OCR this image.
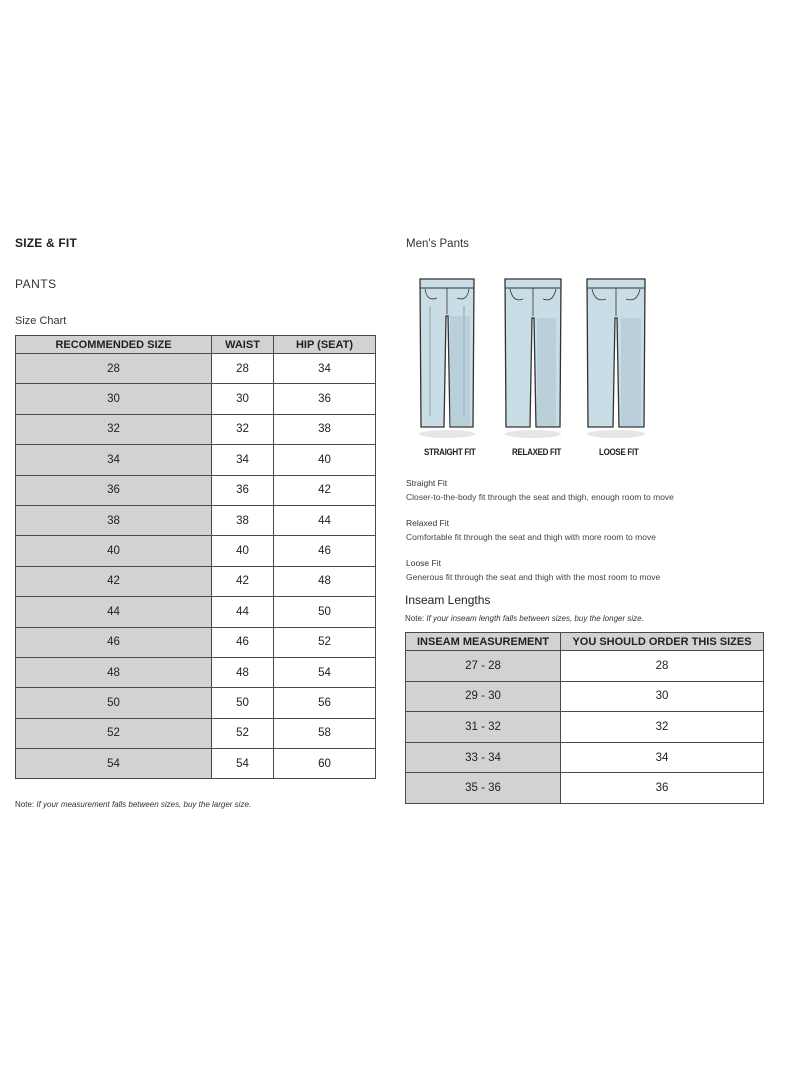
SIZE & FIT
PANTS
Size Chart
RECOMMENDED SIZE	WAIST	HIP (SEAT)
28	28	34
30	30	36
32	32	38
34	34	40
36	36	42
38	38	44
40	40	46
42	42	48
44	44	50
46	46	52
48	48	54
50	50	56
52	52	58
54	54	60
Note: If your measurement falls between sizes, buy the larger size.
Men's Pants
STRAIGHT FIT	RELAXED FIT	LOOSE FIT
Straight Fit
Closer-to-the-body fit through the seat and thigh, enough room to move
Relaxed Fit
Comfortable fit through the seat and thigh with more room to move
Loose Fit
Generous fit through the seat and thigh with the most room to move
Inseam Lengths
Note: If your inseam length falls between sizes, buy the longer size.
INSEAM MEASUREMENT	YOU SHOULD ORDER THIS SIZES
27 - 28	28
29 - 30	30
31 - 32	32
33 - 34	34
35 - 36	36
